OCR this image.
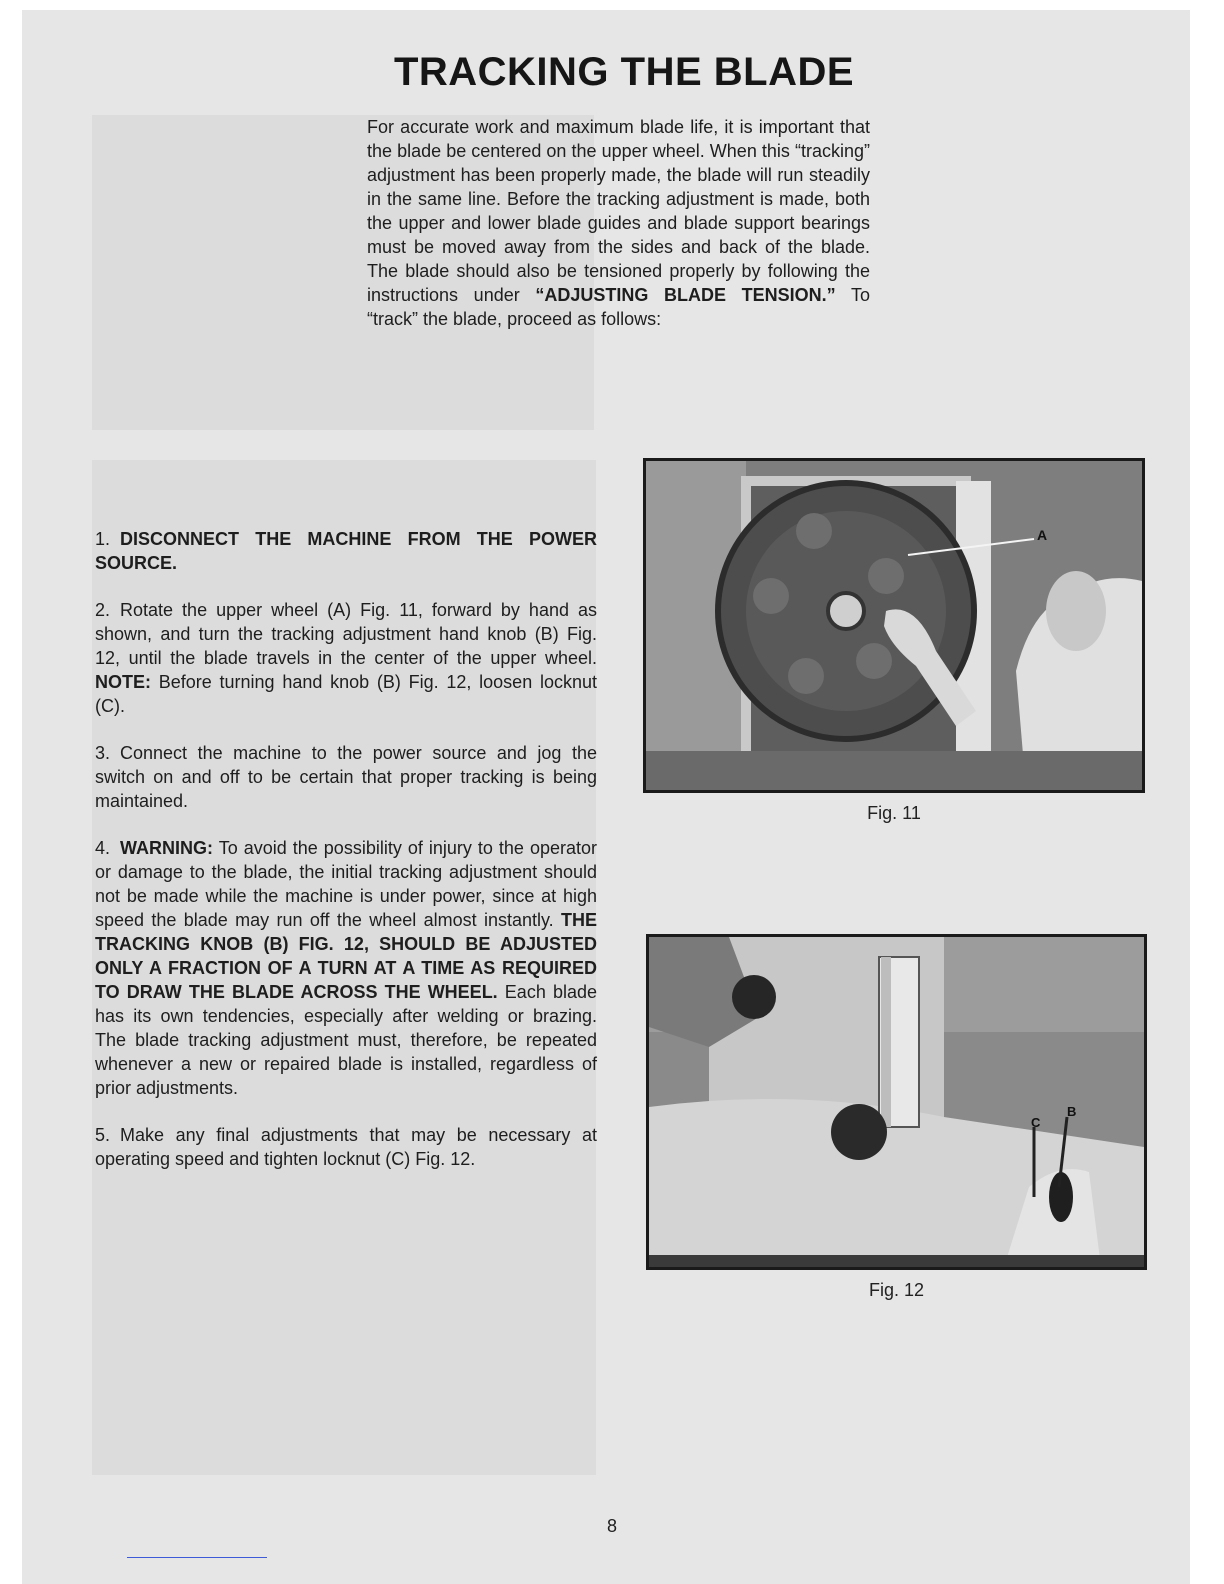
TRACKING THE BLADE

For accurate work and maximum blade life, it is important that the blade be centered on the upper wheel. When this “tracking” adjustment has been properly made, the blade will run steadily in the same line. Before the tracking adjustment is made, both the upper and lower blade guides and blade support bearings must be moved away from the sides and back of the blade. The blade should also be tensioned properly by following the instructions under “ADJUSTING BLADE TENSION.” To “track” the blade, proceed as follows:

1. DISCONNECT THE MACHINE FROM THE POWER SOURCE.

2. Rotate the upper wheel (A) Fig. 11, forward by hand as shown, and turn the tracking adjustment hand knob (B) Fig. 12, until the blade travels in the center of the upper wheel. NOTE: Before turning hand knob (B) Fig. 12, loosen locknut (C).

3. Connect the machine to the power source and jog the switch on and off to be certain that proper tracking is being maintained.

4. WARNING: To avoid the possibility of injury to the operator or damage to the blade, the initial tracking adjustment should not be made while the machine is under power, since at high speed the blade may run off the wheel almost instantly. THE TRACKING KNOB (B) FIG. 12, SHOULD BE ADJUSTED ONLY A FRACTION OF A TURN AT A TIME AS REQUIRED TO DRAW THE BLADE ACROSS THE WHEEL. Each blade has its own tendencies, especially after welding or brazing. The blade tracking adjustment must, therefore, be repeated whenever a new or repaired blade is installed, regardless of prior adjustments.

5. Make any final adjustments that may be necessary at operating speed and tighten locknut (C) Fig. 12.

A
Fig. 11
C
B
Fig. 12
8
